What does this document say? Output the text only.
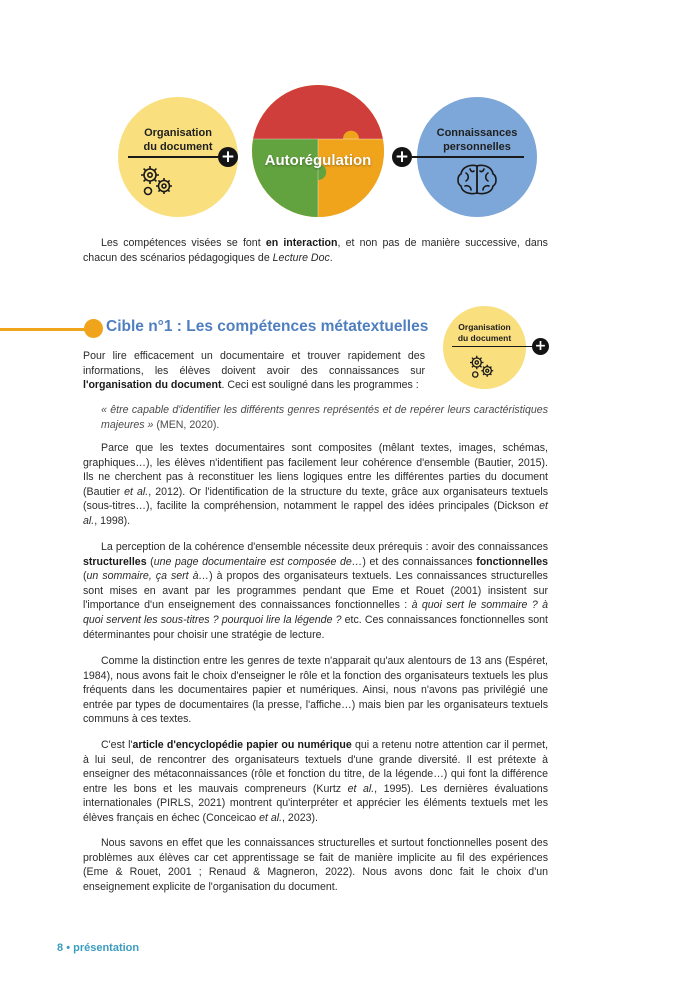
Organisation
du document +	Autorégulation	+
Connaissances
personnelles

Les compétences visées se font en interaction, et non pas de manière successive, dans chacun des scénarios pédagogiques de Lecture Doc.

Cible n°1 : Les compétences métatextuelles	Organisation
du document	+

Pour lire efficacement un documentaire et trouver rapidement des informations, les élèves doivent avoir des connaissances sur l'organisation du document. Ceci est souligné dans les programmes :

« être capable d'identifier les différents genres représentés et de repérer leurs caractéristiques majeures » (MEN, 2020).

Parce que les textes documentaires sont composites (mêlant textes, images, schémas, graphiques…), les élèves n'identifient pas facilement leur cohérence d'ensemble (Bautier, 2015). Ils ne cherchent pas à reconstituer les liens logiques entre les différentes parties du document (Bautier et al., 2012). Or l'identification de la structure du texte, grâce aux organisateurs textuels (sous-titres…), facilite la compréhension, notamment le rappel des idées principales (Dickson et al., 1998).

La perception de la cohérence d'ensemble nécessite deux prérequis : avoir des connaissances structurelles (une page documentaire est composée de…) et des connaissances fonctionnelles (un sommaire, ça sert à…) à propos des organisateurs textuels. Les connaissances structurelles sont mises en avant par les programmes pendant que Eme et Rouet (2001) insistent sur l'importance d'un enseignement des connaissances fonctionnelles : à quoi sert le sommaire ? à quoi servent les sous-titres ? pourquoi lire la légende ? etc. Ces connaissances fonctionnelles sont déterminantes pour choisir une stratégie de lecture.

Comme la distinction entre les genres de texte n'apparait qu'aux alentours de 13 ans (Espéret, 1984), nous avons fait le choix d'enseigner le rôle et la fonction des organisateurs textuels les plus fréquents dans les documentaires papier et numériques. Ainsi, nous n'avons pas privilégié une entrée par types de documentaires (la presse, l'affiche…) mais bien par les organisateurs textuels communs à ces textes.

C'est l'article d'encyclopédie papier ou numérique qui a retenu notre attention car il permet, à lui seul, de rencontrer des organisateurs textuels d'une grande diversité. Il est prétexte à enseigner des métaconnaissances (rôle et fonction du titre, de la légende…) qui font la différence entre les bons et les mauvais compreneurs (Kurtz et al., 1995). Les dernières évaluations internationales (PIRLS, 2021) montrent qu'interpréter et apprécier les éléments textuels met les élèves français en échec (Conceicao et al., 2023).

Nous savons en effet que les connaissances structurelles et surtout fonctionnelles posent des problèmes aux élèves car cet apprentissage se fait de manière implicite au fil des expériences (Eme & Rouet, 2001 ; Renaud & Magneron, 2022). Nous avons donc fait le choix d'un enseignement explicite de l'organisation du document.

8 • présentation
